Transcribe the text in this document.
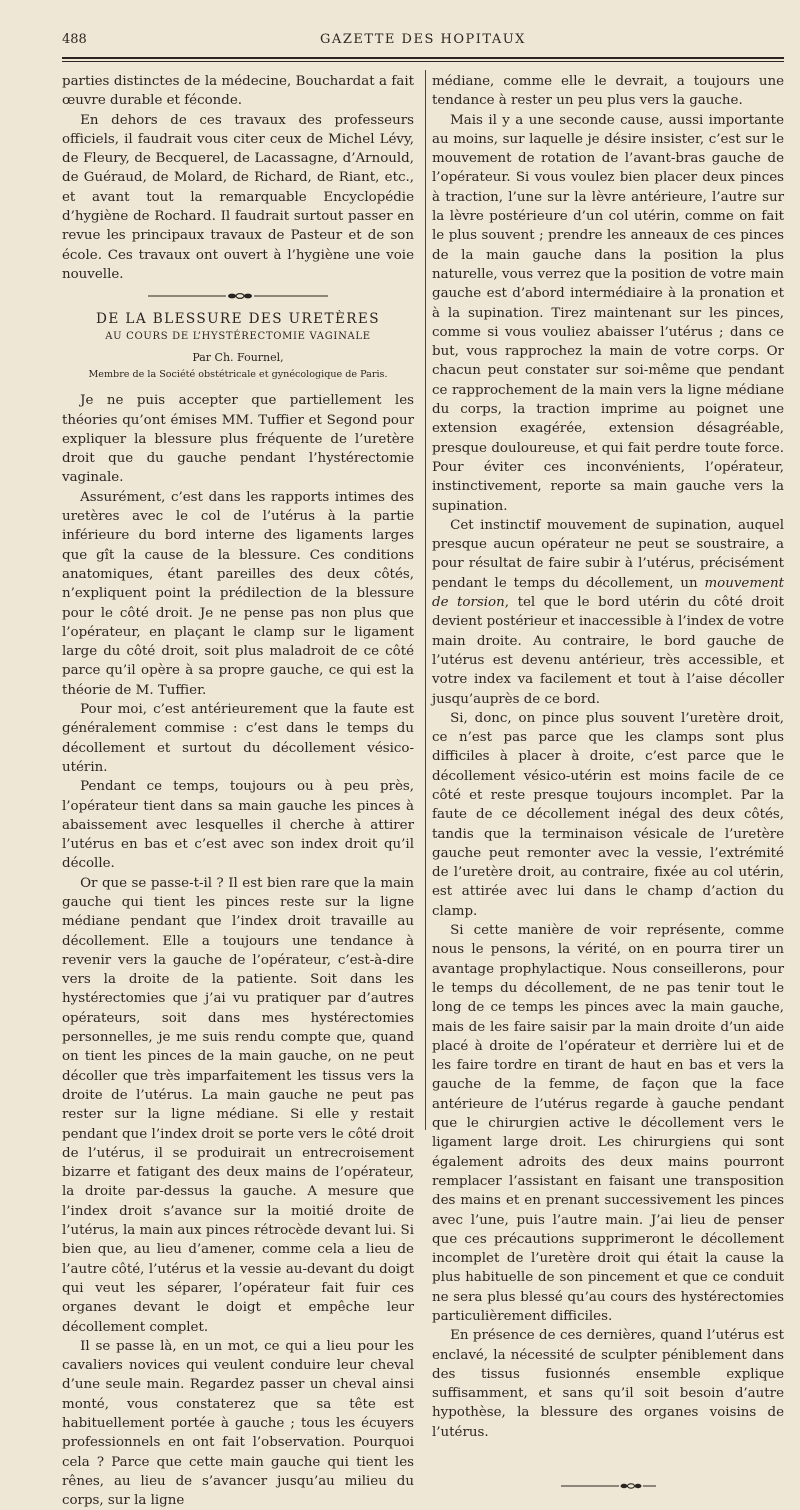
488	GAZETTE DES HOPITAUX

parties distinctes de la médecine, Bouchardat a fait œuvre durable et féconde.

En dehors de ces travaux des professeurs officiels, il faudrait vous citer ceux de Michel Lévy, de Fleury, de Becquerel, de Lacassagne, d’Arnould, de Guéraud, de Molard, de Richard, de Riant, etc., et avant tout la remarquable Encyclopédie d’hygiène de Rochard. Il faudrait surtout passer en revue les principaux travaux de Pasteur et de son école. Ces travaux ont ouvert à l’hygiène une voie nouvelle.

DE LA BLESSURE DES URETÈRES
AU COURS DE L’HYSTÉRECTOMIE VAGINALE
Par Ch. Fournel,
Membre de la Société obstétricale et gynécologique de Paris.

Je ne puis accepter que partiellement les théories qu’ont émises MM. Tuffier et Segond pour expliquer la blessure plus fréquente de l’uretère droit que du gauche pendant l’hystérectomie vaginale.

Assurément, c’est dans les rapports intimes des uretères avec le col de l’utérus à la partie inférieure du bord interne des ligaments larges que gît la cause de la blessure. Ces conditions anatomiques, étant pareilles des deux côtés, n’expliquent point la prédilection de la blessure pour le côté droit. Je ne pense pas non plus que l’opérateur, en plaçant le clamp sur le ligament large du côté droit, soit plus maladroit de ce côté parce qu’il opère à sa propre gauche, ce qui est la théorie de M. Tuffier.

Pour moi, c’est antérieurement que la faute est généralement commise : c’est dans le temps du décollement et surtout du décollement vésico-utérin.

Pendant ce temps, toujours ou à peu près, l’opérateur tient dans sa main gauche les pinces à abaissement avec lesquelles il cherche à attirer l’utérus en bas et c’est avec son index droit qu’il décolle.

Or que se passe-t-il ? Il est bien rare que la main gauche qui tient les pinces reste sur la ligne médiane pendant que l’index droit travaille au décollement. Elle a toujours une tendance à revenir vers la gauche de l’opérateur, c’est-à-dire vers la droite de la patiente. Soit dans les hystérectomies que j’ai vu pratiquer par d’autres opérateurs, soit dans mes hystérectomies personnelles, je me suis rendu compte que, quand on tient les pinces de la main gauche, on ne peut décoller que très imparfaitement les tissus vers la droite de l’utérus. La main gauche ne peut pas rester sur la ligne médiane. Si elle y restait pendant que l’index droit se porte vers le côté droit de l’utérus, il se produirait un entrecroisement bizarre et fatigant des deux mains de l’opérateur, la droite par-dessus la gauche. A mesure que l’index droit s’avance sur la moitié droite de l’utérus, la main aux pinces rétrocède devant lui. Si bien que, au lieu d’amener, comme cela a lieu de l’autre côté, l’utérus et la vessie au-devant du doigt qui veut les séparer, l’opérateur fait fuir ces organes devant le doigt et empêche leur décollement complet.

Il se passe là, en un mot, ce qui a lieu pour les cavaliers novices qui veulent conduire leur cheval d’une seule main. Regardez passer un cheval ainsi monté, vous constaterez que sa tête est habituellement portée à gauche ; tous les écuyers professionnels en ont fait l’observation. Pourquoi cela ? Parce que cette main gauche qui tient les rênes, au lieu de s’avancer jusqu’au milieu du corps, sur la ligne

médiane, comme elle le devrait, a toujours une tendance à rester un peu plus vers la gauche.

Mais il y a une seconde cause, aussi importante au moins, sur laquelle je désire insister, c’est sur le mouvement de rotation de l’avant-bras gauche de l’opérateur. Si vous voulez bien placer deux pinces à traction, l’une sur la lèvre antérieure, l’autre sur la lèvre postérieure d’un col utérin, comme on fait le plus souvent ; prendre les anneaux de ces pinces de la main gauche dans la position la plus naturelle, vous verrez que la position de votre main gauche est d’abord intermédiaire à la pronation et à la supination. Tirez maintenant sur les pinces, comme si vous vouliez abaisser l’utérus ; dans ce but, vous rapprochez la main de votre corps. Or chacun peut constater sur soi-même que pendant ce rapprochement de la main vers la ligne médiane du corps, la traction imprime au poignet une extension exagérée, extension désagréable, presque douloureuse, et qui fait perdre toute force. Pour éviter ces inconvénients, l’opérateur, instinctivement, reporte sa main gauche vers la supination.

Cet instinctif mouvement de supination, auquel presque aucun opérateur ne peut se soustraire, a pour résultat de faire subir à l’utérus, précisément pendant le temps du décollement, un mouvement de torsion, tel que le bord utérin du côté droit devient postérieur et inaccessible à l’index de votre main droite. Au contraire, le bord gauche de l’utérus est devenu antérieur, très accessible, et votre index va facilement et tout à l’aise décoller jusqu’auprès de ce bord.

Si, donc, on pince plus souvent l’uretère droit, ce n’est pas parce que les clamps sont plus difficiles à placer à droite, c’est parce que le décollement vésico-utérin est moins facile de ce côté et reste presque toujours incomplet. Par la faute de ce décollement inégal des deux côtés, tandis que la terminaison vésicale de l’uretère gauche peut remonter avec la vessie, l’extrémité de l’uretère droit, au contraire, fixée au col utérin, est attirée avec lui dans le champ d’action du clamp.

Si cette manière de voir représente, comme nous le pensons, la vérité, on en pourra tirer un avantage prophylactique. Nous conseillerons, pour le temps du décollement, de ne pas tenir tout le long de ce temps les pinces avec la main gauche, mais de les faire saisir par la main droite d’un aide placé à droite de l’opérateur et derrière lui et de les faire tordre en tirant de haut en bas et vers la gauche de la femme, de façon que la face antérieure de l’utérus regarde à gauche pendant que le chirurgien active le décollement vers le ligament large droit. Les chirurgiens qui sont également adroits des deux mains pourront remplacer l’assistant en faisant une transposition des mains et en prenant successivement les pinces avec l’une, puis l’autre main. J’ai lieu de penser que ces précautions supprimeront le décollement incomplet de l’uretère droit qui était la cause la plus habituelle de son pincement et que ce conduit ne sera plus blessé qu’au cours des hystérectomies particulièrement difficiles.

En présence de ces dernières, quand l’utérus est enclavé, la nécessité de sculpter péniblement dans des tissus fusionnés ensemble explique suffisamment, et sans qu’il soit besoin d’autre hypothèse, la blessure des organes voisins de l’utérus.
